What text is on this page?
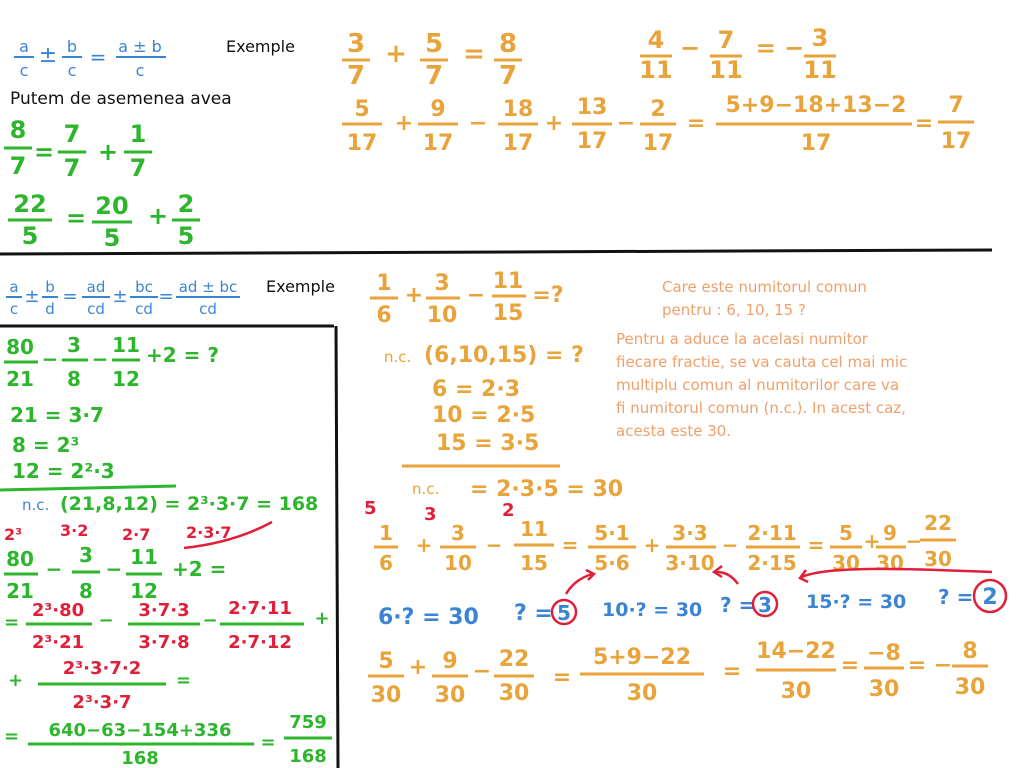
a
c
± b
c
= a ± b
c
Exemple
Putem de asemenea avea
8
7 =
7
7
+
1
7
22
5
= 20
5
+ 2
5
3
7
+ 5
7
= 8
7
4
11
− 7
11
= − 3
11
5
17
+
9
17
−
18
17
+
13
17
−
2
17
=
5+9−18+13−2
17
=
7
17
a
c
± b
d
= ad
cd
± bc
cd
= ad ± bc
cd
Exemple 1
6
+ 3
10
−
11
15
=?	Care este numitorul comun
pentru : 6, 10, 15 ?
Pentru a aduce la acelasi numitor
fiecare fractie, se va cauta cel mai mic
multiplu comun al numitorilor care va
fi numitorul comun (n.c.). In acest caz,
acesta este 30.
n.c. (6,10,15) = ?
6 = 2·3
10 = 2·5
15 = 3·5
n.c. = 2·3·5 = 30
5	3	2
1
6
+ 3
10
−
11
15
= 5·1
5·6
+ 3·3
3·10
− 2·11
2·15
= 5
30
+ 9
30
−
22
30
6·? = 30 ? = 5 10·? = 30 ? = 3 15·? = 30 ? = 2
5
30
+ 9
30
− 22
30
=
5+9−22
30
=
14−22
30
= −8
30
= −
8
30
80
21
−
3
8
−
11
12
+2 = ?
21 = 3·7
8 = 2³
12 = 2²·3
n.c. (21,8,12) = 2³·3·7 = 168
2³ 3·2 2·7 2·3·7
80
21
−
3
8
− 11
12
+2 =
=
2³·80
2³·21
− 3·7·3
3·7·8
−
2·7·11
2·7·12
+
+
2³·3·7·2
2³·3·7
=
= 640−63−154+336
168
=
759
168
